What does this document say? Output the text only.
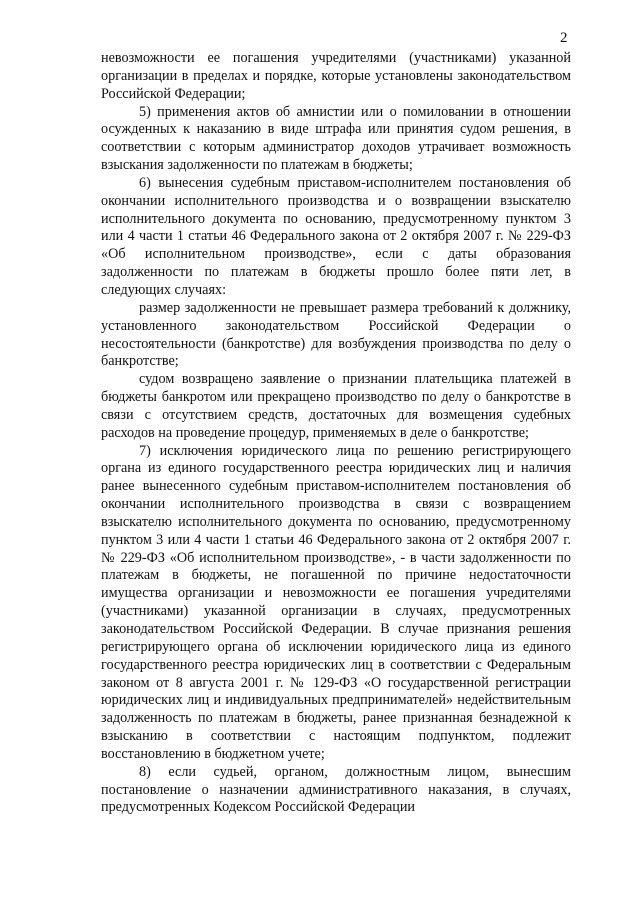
2

невозможности ее погашения учредителями (участниками) указанной организации в пределах и порядке, которые установлены законодательством Российской Федерации;

5) применения актов об амнистии или о помиловании в отношении осужденных к наказанию в виде штрафа или принятия судом решения, в соответствии с которым администратор доходов утрачивает возможность взыскания задолженности по платежам в бюджеты;

6) вынесения судебным приставом-исполнителем постановления об окончании исполнительного производства и о возвращении взыскателю исполнительного документа по основанию, предусмотренному пунктом 3 или 4 части 1 статьи 46 Федерального закона от 2 октября 2007 г. № 229-ФЗ «Об исполнительном производстве», если с даты образования задолженности по платежам в бюджеты прошло более пяти лет, в следующих случаях:

размер задолженности не превышает размера требований к должнику, установленного законодательством Российской Федерации о несостоятельности (банкротстве) для возбуждения производства по делу о банкротстве;

судом возвращено заявление о признании плательщика платежей в бюджеты банкротом или прекращено производство по делу о банкротстве в связи с отсутствием средств, достаточных для возмещения судебных расходов на проведение процедур, применяемых в деле о банкротстве;

7) исключения юридического лица по решению регистрирующего органа из единого государственного реестра юридических лиц и наличия ранее вынесенного судебным приставом-исполнителем постановления об окончании исполнительного производства в связи с возвращением взыскателю исполнительного документа по основанию, предусмотренному пунктом 3 или 4 части 1 статьи 46 Федерального закона от 2 октября 2007 г. № 229-ФЗ «Об исполнительном производстве», - в части задолженности по платежам в бюджеты, не погашенной по причине недостаточности имущества организации и невозможности ее погашения учредителями (участниками) указанной организации в случаях, предусмотренных законодательством Российской Федерации. В случае признания решения регистрирующего органа об исключении юридического лица из единого государственного реестра юридических лиц в соответствии с Федеральным законом от 8 августа 2001 г. № 129-ФЗ «О государственной регистрации юридических лиц и индивидуальных предпринимателей» недействительным задолженность по платежам в бюджеты, ранее признанная безнадежной к взысканию в соответствии с настоящим подпунктом, подлежит восстановлению в бюджетном учете;

8) если судьей, органом, должностным лицом, вынесшим постановление о назначении административного наказания, в случаях, предусмотренных Кодексом Российской Федерации
